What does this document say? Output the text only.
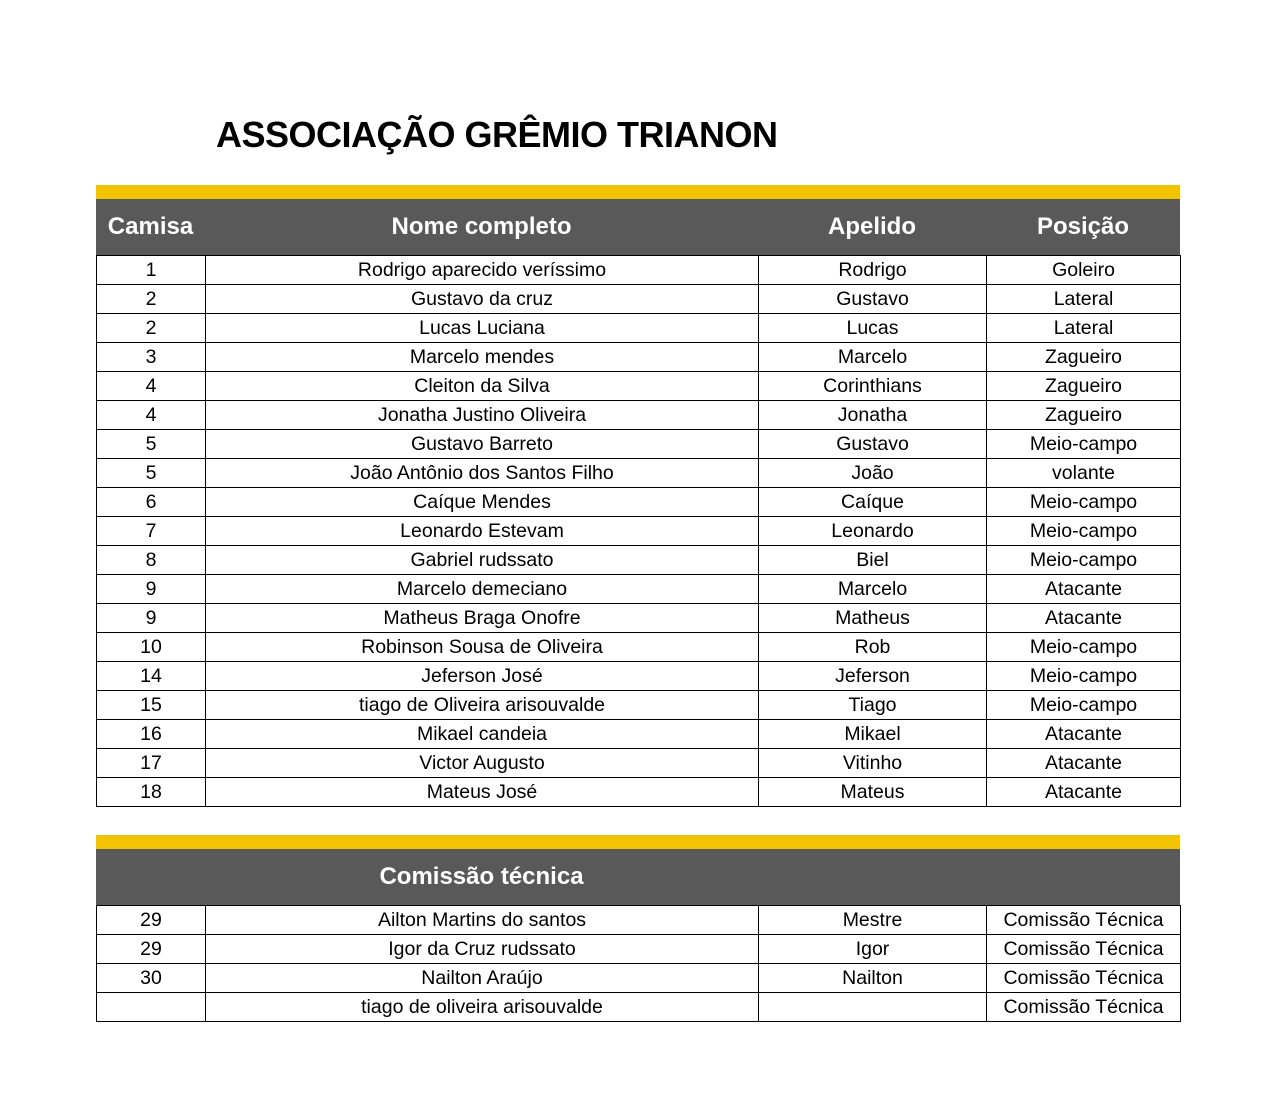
ASSOCIAÇÃO GRÊMIO TRIANON
Camisa	Nome completo	Apelido	Posição
1	Rodrigo aparecido veríssimo	Rodrigo	Goleiro
2	Gustavo da cruz	Gustavo	Lateral
2	Lucas Luciana	Lucas	Lateral
3	Marcelo mendes	Marcelo	Zagueiro
4	Cleiton da Silva	Corinthians	Zagueiro
4	Jonatha Justino Oliveira	Jonatha	Zagueiro
5	Gustavo Barreto	Gustavo	Meio-campo
5	João Antônio dos Santos Filho	João	volante
6	Caíque Mendes	Caíque	Meio-campo
7	Leonardo Estevam	Leonardo	Meio-campo
8	Gabriel rudssato	Biel	Meio-campo
9	Marcelo demeciano	Marcelo	Atacante
9	Matheus Braga Onofre	Matheus	Atacante
10	Robinson Sousa de Oliveira	Rob	Meio-campo
14	Jeferson José	Jeferson	Meio-campo
15	tiago de Oliveira arisouvalde	Tiago	Meio-campo
16	Mikael candeia	Mikael	Atacante
17	Victor Augusto	Vitinho	Atacante
18	Mateus José	Mateus	Atacante
Comissão técnica
29	Ailton Martins do santos	Mestre	Comissão Técnica
29	Igor da Cruz rudssato	Igor	Comissão Técnica
30	Nailton Araújo	Nailton	Comissão Técnica
	tiago de oliveira arisouvalde		Comissão Técnica
